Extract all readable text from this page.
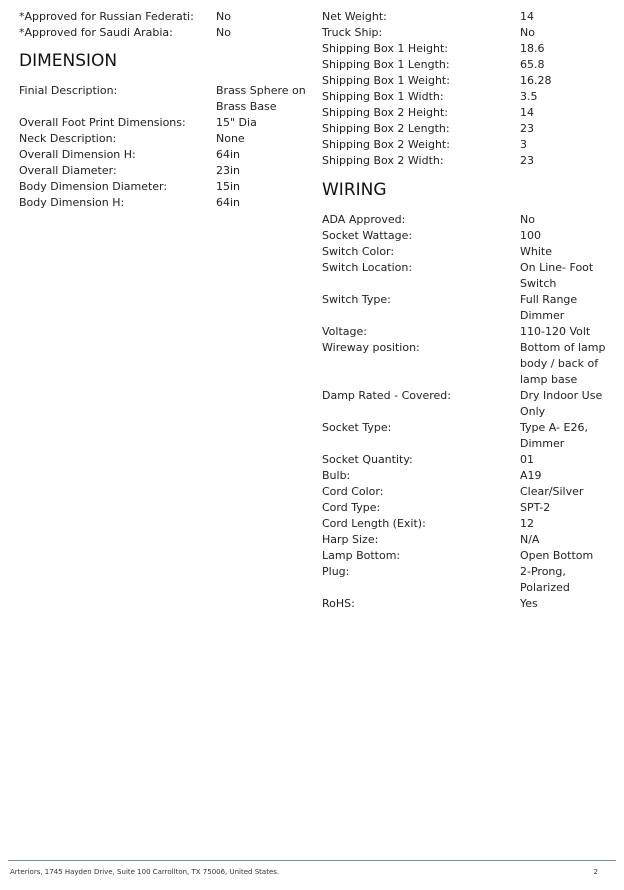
*Approved for Russian Federati:	No
*Approved for Saudi Arabia:	No
DIMENSION
Finial Description:	Brass Sphere on Brass Base
Overall Foot Print Dimensions:	15" Dia
Neck Description:	None
Overall Dimension H:	64in
Overall Diameter:	23in
Body Dimension Diameter:	15in
Body Dimension H:	64in
Net Weight:	14
Truck Ship:	No
Shipping Box 1 Height:	18.6
Shipping Box 1 Length:	65.8
Shipping Box 1 Weight:	16.28
Shipping Box 1 Width:	3.5
Shipping Box 2 Height:	14
Shipping Box 2 Length:	23
Shipping Box 2 Weight:	3
Shipping Box 2 Width:	23
WIRING
ADA Approved:	No
Socket Wattage:	100
Switch Color:	White
Switch Location:	On Line- Foot Switch
Switch Type:	Full Range Dimmer
Voltage:	110-120 Volt
Wireway position:	Bottom of lamp body / back of lamp base
Damp Rated - Covered:	Dry Indoor Use Only
Socket Type:	Type A- E26, Dimmer
Socket Quantity:	01
Bulb:	A19
Cord Color:	Clear/Silver
Cord Type:	SPT-2
Cord Length (Exit):	12
Harp Size:	N/A
Lamp Bottom:	Open Bottom
Plug:	2-Prong, Polarized
RoHS:	Yes
Arteriors, 1745 Hayden Drive, Suite 100 Carrollton, TX 75006, United States.	2
